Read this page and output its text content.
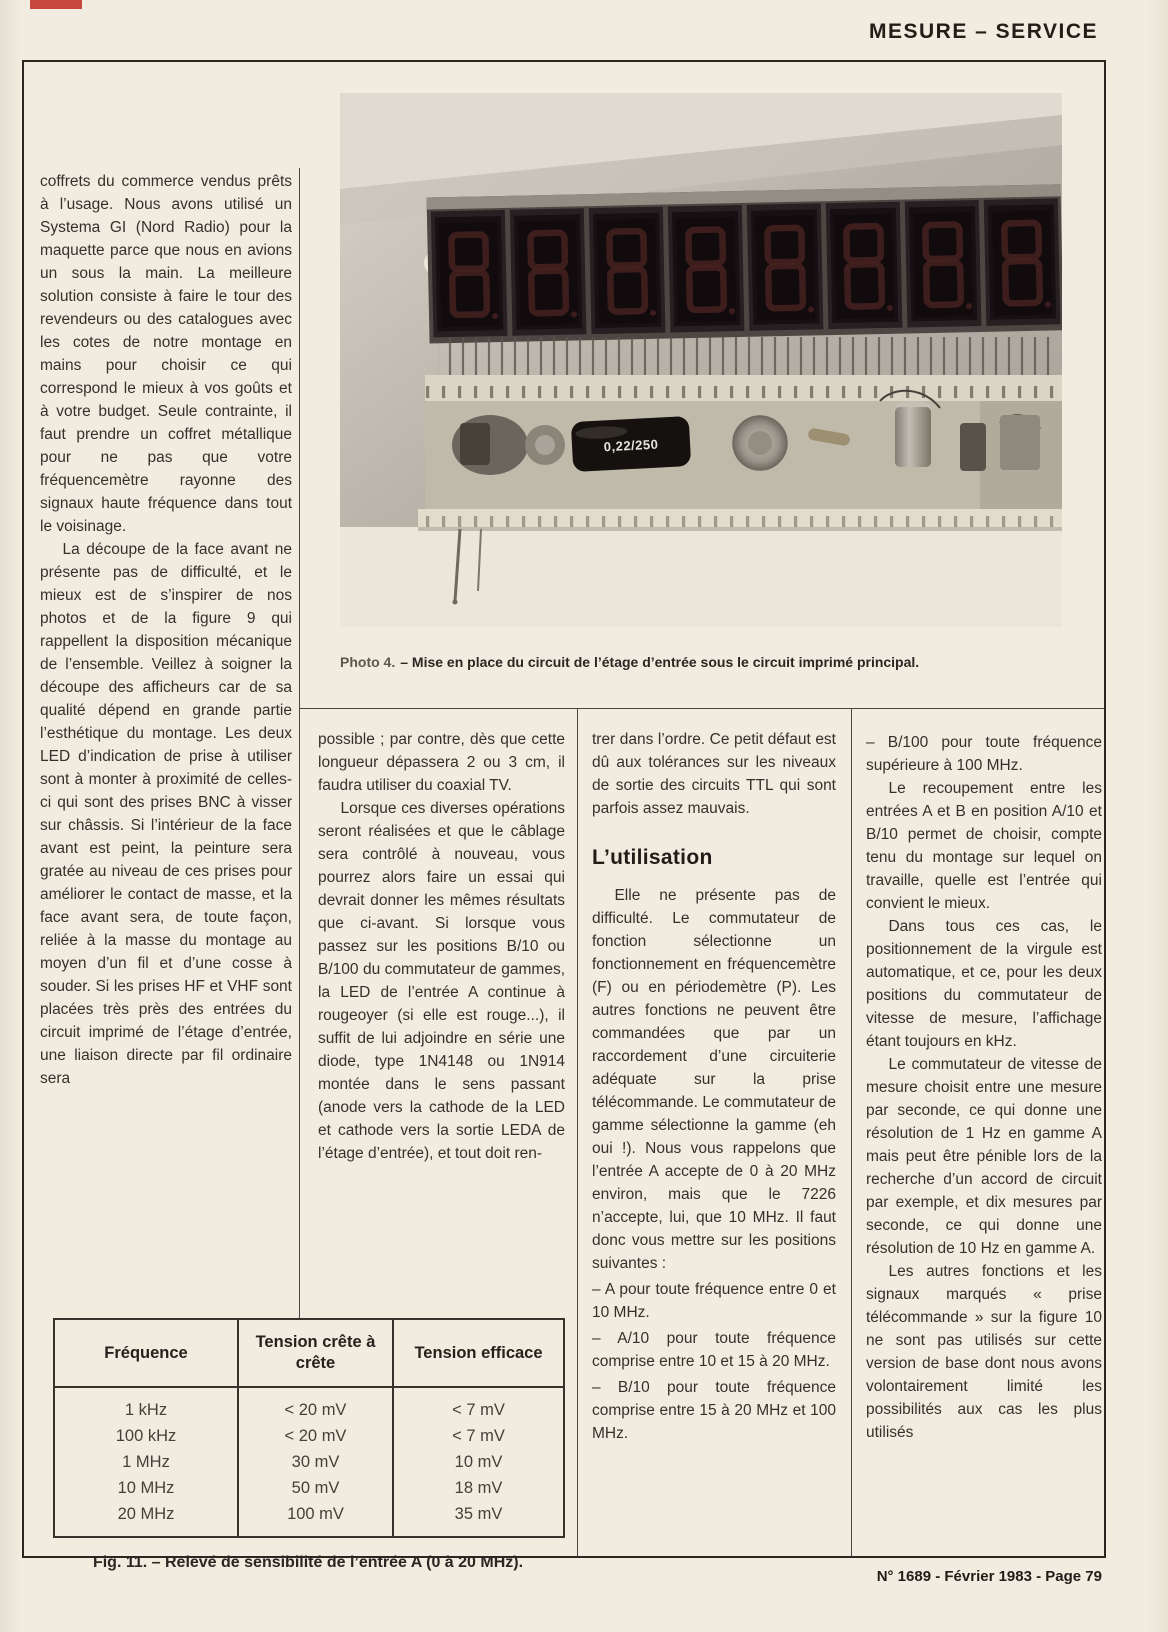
MESURE – SERVICE
0,22/250
Photo 4. – Mise en place du circuit de l’étage d’entrée sous le circuit imprimé principal.

coffrets du commerce vendus prêts à l’usage. Nous avons utilisé un Systema GI (Nord Radio) pour la maquette parce que nous en avions un sous la main. La meilleure solution consiste à faire le tour des revendeurs ou des catalogues avec les cotes de notre montage en mains pour choisir ce qui correspond le mieux à vos goûts et à votre budget. Seule contrainte, il faut prendre un coffret métallique pour ne pas que votre fréquencemètre rayonne des signaux haute fréquence dans tout le voisinage.

La découpe de la face avant ne présente pas de difficulté, et le mieux est de s’inspirer de nos photos et de la figure 9 qui rappellent la disposition mécanique de l’ensemble. Veillez à soigner la découpe des afficheurs car de sa qualité dépend en grande partie l’esthétique du montage. Les deux LED d’indication de prise à utiliser sont à monter à proximité de celles-ci qui sont des prises BNC à visser sur châssis. Si l’intérieur de la face avant est peint, la peinture sera gratée au niveau de ces prises pour améliorer le contact de masse, et la face avant sera, de toute façon, reliée à la masse du montage au moyen d’un fil et d’une cosse à souder. Si les prises HF et VHF sont placées très près des entrées du circuit imprimé de l’étage d’entrée, une liaison directe par fil ordinaire sera

possible ; par contre, dès que cette longueur dépassera 2 ou 3 cm, il faudra utiliser du coaxial TV.

Lorsque ces diverses opérations seront réalisées et que le câblage sera contrôlé à nouveau, vous pourrez alors faire un essai qui devrait donner les mêmes résultats que ci-avant. Si lorsque vous passez sur les positions B/10 ou B/100 du commutateur de gammes, la LED de l’entrée A continue à rougeoyer (si elle est rouge...), il suffit de lui adjoindre en série une diode, type 1N4148 ou 1N914 montée dans le sens passant (anode vers la cathode de la LED et cathode vers la sortie LEDA de l’étage d’entrée), et tout doit ren-

trer dans l’ordre. Ce petit défaut est dû aux tolérances sur les niveaux de sortie des circuits TTL qui sont parfois assez mauvais.

L’utilisation

Elle ne présente pas de difficulté. Le commutateur de fonction sélectionne un fonctionnement en fréquencemètre (F) ou en périodemètre (P). Les autres fonctions ne peuvent être commandées que par un raccordement d’une circuiterie adéquate sur la prise télécommande. Le commutateur de gamme sélectionne la gamme (eh oui !). Nous vous rappelons que l’entrée A accepte de 0 à 20 MHz environ, mais que le 7226 n’accepte, lui, que 10 MHz. Il faut donc vous mettre sur les positions suivantes :

– A pour toute fréquence entre 0 et 10 MHz.

– A/10 pour toute fréquence comprise entre 10 et 15 à 20 MHz.

– B/10 pour toute fréquence comprise entre 15 à 20 MHz et 100 MHz.

– B/100 pour toute fréquence supérieure à 100 MHz.

Le recoupement entre les entrées A et B en position A/10 et B/10 permet de choisir, compte tenu du montage sur lequel on travaille, quelle est l’entrée qui convient le mieux.

Dans tous ces cas, le positionnement de la virgule est automatique, et ce, pour les deux positions du commutateur de vitesse de mesure, l’affichage étant toujours en kHz.

Le commutateur de vitesse de mesure choisit entre une mesure par seconde, ce qui donne une résolution de 1 Hz en gamme A mais peut être pénible lors de la recherche d’un accord de circuit par exemple, et dix mesures par seconde, ce qui donne une résolution de 10 Hz en gamme A.

Les autres fonctions et les signaux marqués « prise télécommande » sur la figure 10 ne sont pas utilisés sur cette version de base dont nous avons volontairement limité les possibilités aux cas les plus utilisés

Fréquence	Tension crête à crête	Tension efficace
1 kHz	< 20 mV	< 7 mV
100 kHz	< 20 mV	< 7 mV
1 MHz	30 mV	10 mV
10 MHz	50 mV	18 mV
20 MHz	100 mV	35 mV
Fig. 11. – Relevé de sensibilité de l’entrée A (0 à 20 MHz).
N° 1689 - Février 1983 - Page 79
